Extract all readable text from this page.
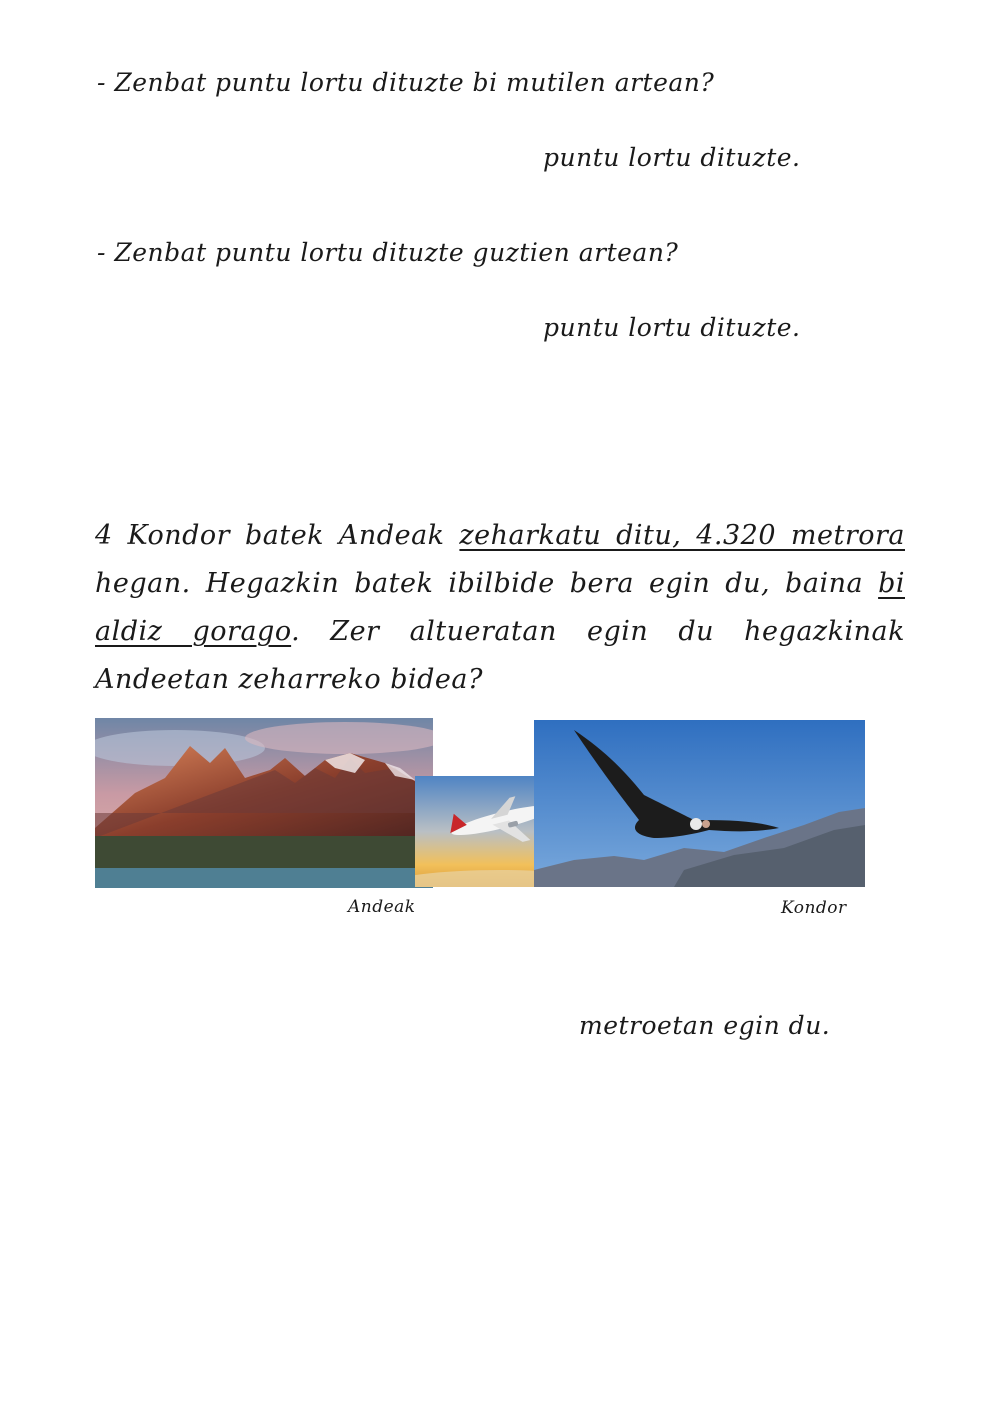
- Zenbat puntu lortu dituzte bi mutilen artean?
puntu lortu dituzte.
- Zenbat puntu lortu dituzte guztien artean?
puntu lortu dituzte.
4 Kondor batek Andeak zeharkatu ditu, 4.320 metrora hegan. Hegazkin batek ibilbide bera egin du, baina bi aldiz gorago. Zer altueratan egin du hegazkinak Andeetan zeharreko bidea?
Andeak	Kondor
metroetan egin du.
